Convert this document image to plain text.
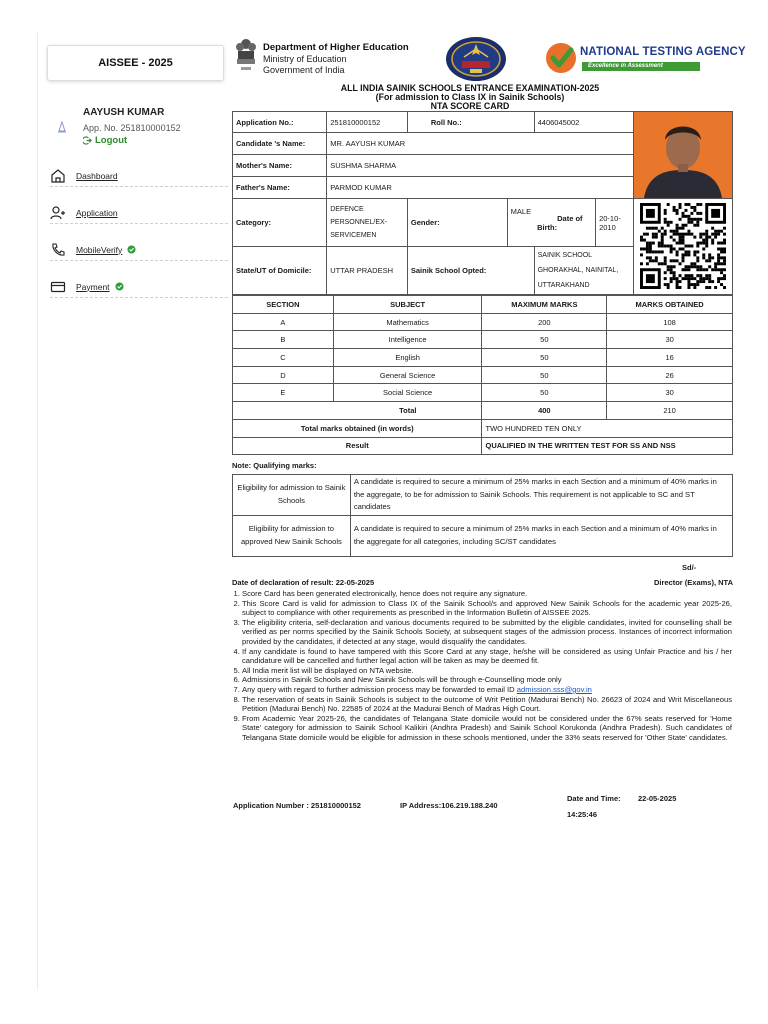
AISSEE - 2025
AAYUSH KUMAR
App. No. 251810000152
Logout
Dashboard
Application
MobileVerify
Payment
Department of Higher Education
Ministry of Education
Government of India
NATIONAL TESTING AGENCY
Excellence in Assessment
ALL INDIA SAINIK SCHOOLS ENTRANCE EXAMINATION-2025
(For admission to Class IX in Sainik Schools)
NTA SCORE CARD
Application No.:	251810000152	Roll No.:		4406045002	

Candidate 's Name:	MR. AAYUSH KUMAR					
Mother's Name:	SUSHMA SHARMA					
Father's Name:	PARMOD KUMAR					
Category:	DEFENCE PERSONNEL/EX-SERVICEMEN	Gender:	MALE	Date of Birth:	20-10-2010	
State/UT of Domicile:	UTTAR PRADESH	Sainik School Opted:		SAINIK SCHOOL GHORAKHAL, NAINITAL, UTTARAKHAND		
SECTION	SUBJECT	MAXIMUM MARKS	MARKS OBTAINED
A	Mathematics	200	108
B	Intelligence	50	30
C	English	50	16
D	General Science	50	26
E	Social Science	50	30
Total		400	210
Total marks obtained (in words)		TWO HUNDRED TEN ONLY	
Result		QUALIFIED IN THE WRITTEN TEST FOR SS AND NSS	
Note: Qualifying marks:
Eligibility for admission to Sainik Schools	A candidate is required to secure a minimum of 25% marks in each Section and a minimum of 40% marks in the aggregate, to be for admission to Sainik Schools. This requirement is not applicable to SC and ST candidates
Eligibility for admission to approved New Sainik Schools	A candidate is required to secure a minimum of 25% marks in each Section and a minimum of 40% marks in the aggregate for all categories, including SC/ST candidates
Sd/-
Date of declaration of result: 22-05-2025	Director (Exams), NTA
1. Score Card has been generated electronically, hence does not require any signature.
2. This Score Card is valid for admission to Class IX of the Sainik School/s and approved New Sainik Schools for the academic year 2025-26, subject to compliance with other requirements as prescribed in the Information Bulletin of AISSEE 2025.
3. The eligibility criteria, self-declaration and various documents required to be submitted by the eligible candidates, invited for counselling shall be verified as per norms specified by the Sainik Schools Society, at subsequent stages of the admission process. Instances of incorrect information provided by the candidates, if detected at any stage, would disqualify the candidates.
4. If any candidate is found to have tampered with this Score Card at any stage, he/she will be considered as using Unfair Practice and his / her candidature will be cancelled and further legal action will be taken as may be deemed fit.
5. All India merit list will be displayed on NTA website.
6. Admissions in Sainik Schools and New Sainik Schools will be through e-Counselling mode only
7. Any query with regard to further admission process may be forwarded to email ID admission.sss@gov.in
8. The reservation of seats in Sainik Schools is subject to the outcome of Writ Petition (Madurai Bench) No. 26623 of 2024 and Writ Miscellaneous Petition (Madurai Bench) No. 22585 of 2024 at the Madurai Bench of Madras High Court.
9. From Academic Year 2025-26, the candidates of Telangana State domicile would not be considered under the 67% seats reserved for 'Home State' category for admission to Sainik School Kalikiri (Andhra Pradesh) and Sainik School Korukonda (Andhra Pradesh). Such candidates of Telangana State domicile would be eligible for admission in these schools mentioned, under the 33% seats reserved for 'Other State' candidates.
Application Number : 251810000152	IP Address:106.219.188.240
Date and Time: 22-05-2025
14:25:46
